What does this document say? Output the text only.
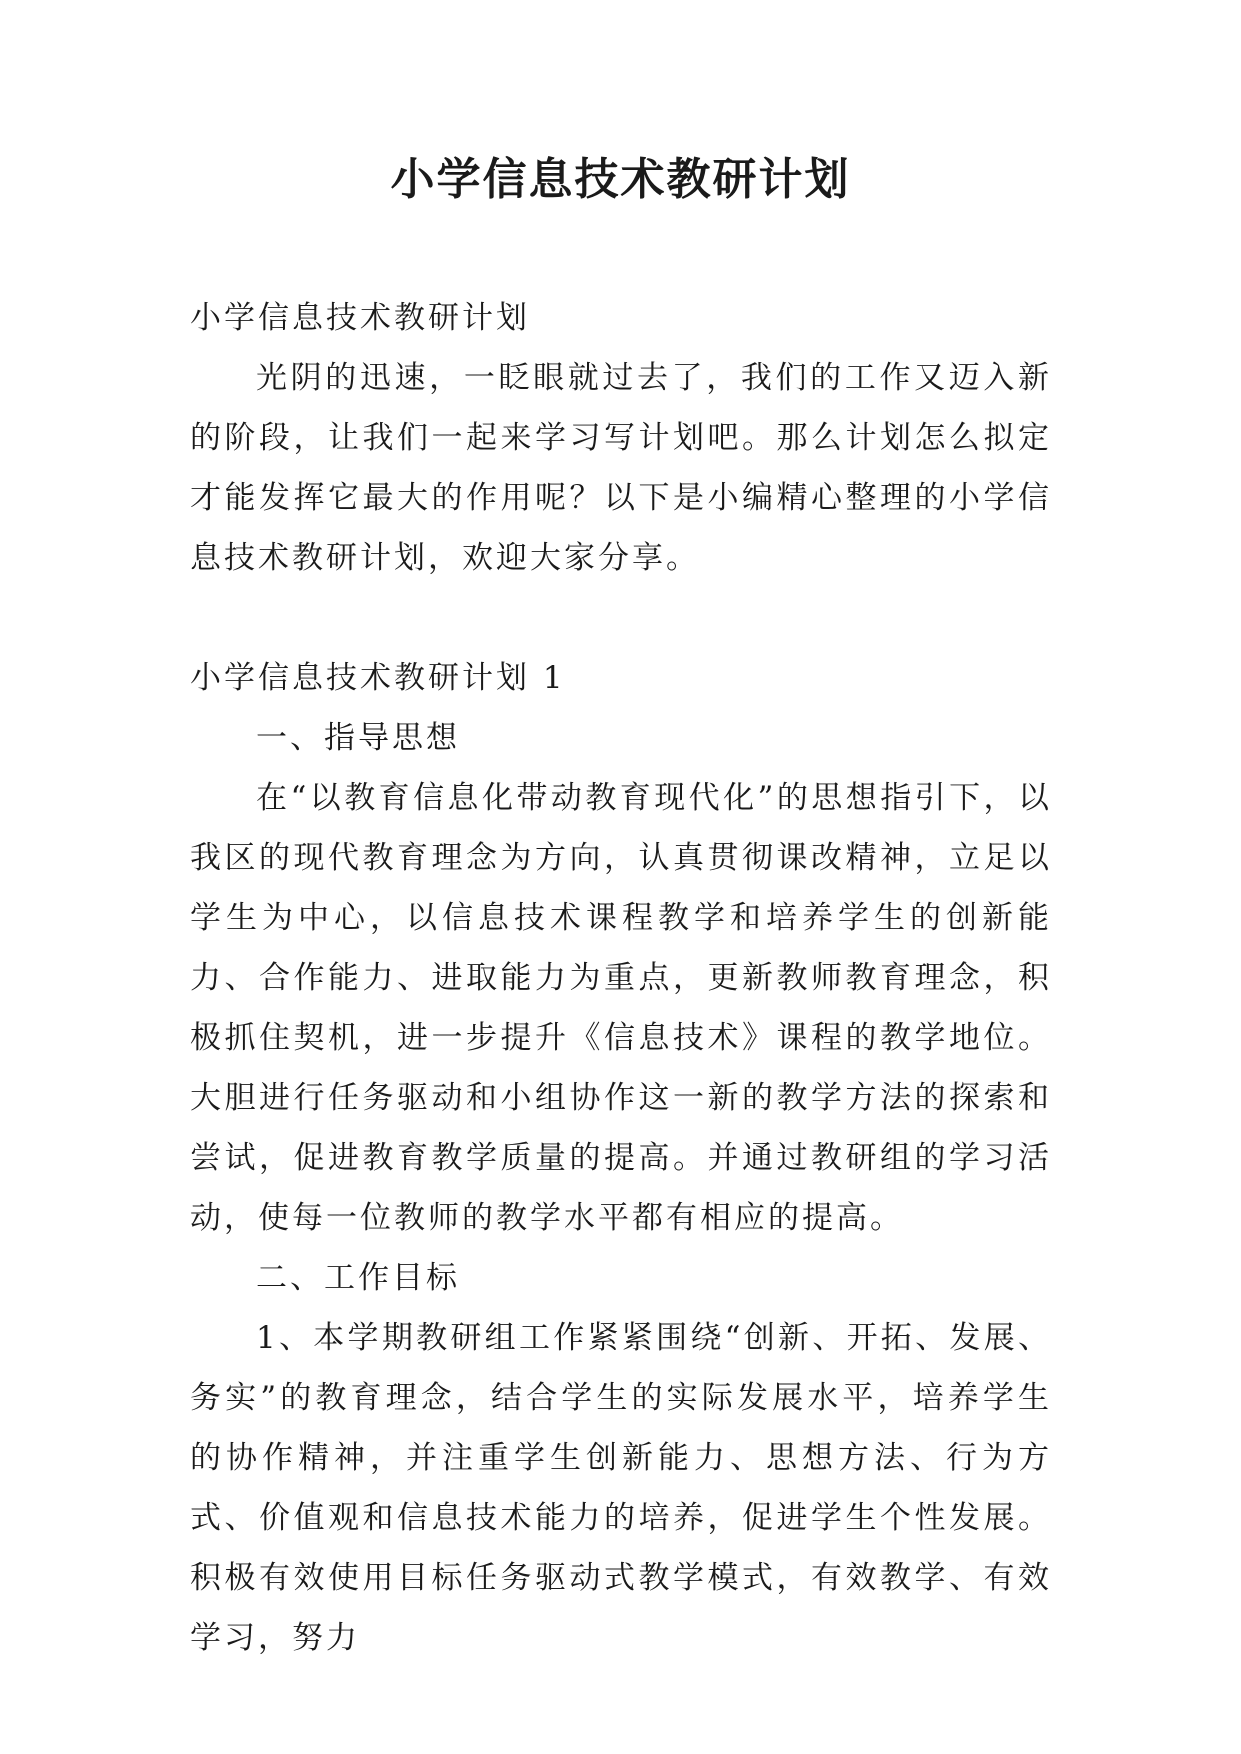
小学信息技术教研计划

小学信息技术教研计划

光阴的迅速，一眨眼就过去了，我们的工作又迈入新的阶段，让我们一起来学习写计划吧。那么计划怎么拟定才能发挥它最大的作用呢？以下是小编精心整理的小学信息技术教研计划，欢迎大家分享。

小学信息技术教研计划 1

一、指导思想

在“以教育信息化带动教育现代化”的思想指引下，以我区的现代教育理念为方向，认真贯彻课改精神，立足以学生为中心，以信息技术课程教学和培养学生的创新能力、合作能力、进取能力为重点，更新教师教育理念，积极抓住契机，进一步提升《信息技术》课程的教学地位。大胆进行任务驱动和小组协作这一新的教学方法的探索和尝试，促进教育教学质量的提高。并通过教研组的学习活动，使每一位教师的教学水平都有相应的提高。

二、工作目标

1、本学期教研组工作紧紧围绕“创新、开拓、发展、务实”的教育理念，结合学生的实际发展水平，培养学生的协作精神，并注重学生创新能力、思想方法、行为方式、价值观和信息技术能力的培养，促进学生个性发展。积极有效使用目标任务驱动式教学模式，有效教学、有效学习，努力
